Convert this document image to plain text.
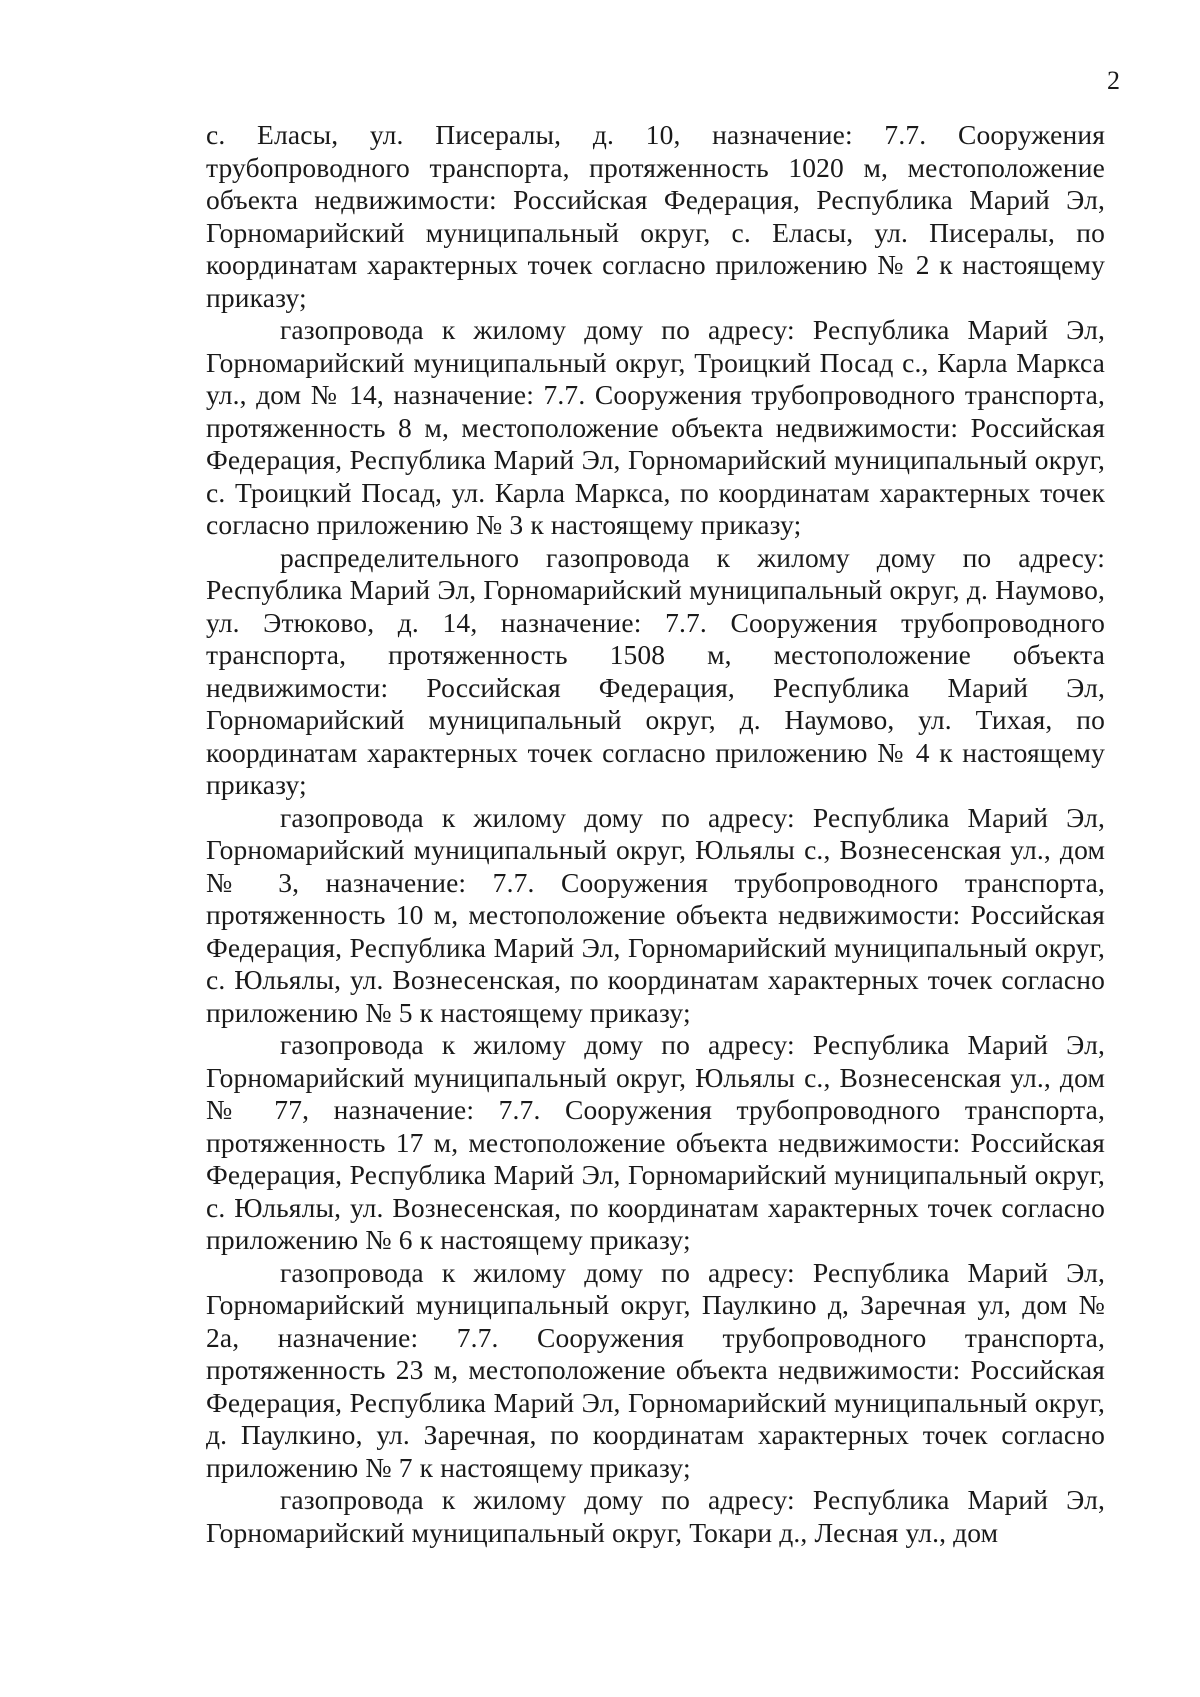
2

с. Еласы, ул. Писералы, д. 10, назначение: 7.7. Сооружения трубопроводного транспорта, протяженность 1020 м, местоположение объекта недвижимости: Российская Федерация, Республика Марий Эл, Горномарийский муниципальный округ, с. Еласы, ул. Писералы, по координатам характерных точек согласно приложению № 2 к настоящему приказу;

газопровода к жилому дому по адресу: Республика Марий Эл, Горномарийский муниципальный округ, Троицкий Посад с., Карла Маркса ул., дом № 14, назначение: 7.7. Сооружения трубопроводного транспорта, протяженность 8 м, местоположение объекта недвижимости: Российская Федерация, Республика Марий Эл, Горномарийский муниципальный округ, с. Троицкий Посад, ул. Карла Маркса, по координатам характерных точек согласно приложению № 3 к настоящему приказу;

распределительного газопровода к жилому дому по адресу: Республика Марий Эл, Горномарийский муниципальный округ, д. Наумово, ул. Этюково, д. 14, назначение: 7.7. Сооружения трубопроводного транспорта, протяженность 1508 м, местоположение объекта недвижимости: Российская Федерация, Республика Марий Эл, Горномарийский муниципальный округ, д. Наумово, ул. Тихая, по координатам характерных точек согласно приложению № 4 к настоящему приказу;

газопровода к жилому дому по адресу: Республика Марий Эл, Горномарийский муниципальный округ, Юльялы с., Вознесенская ул., дом № 3, назначение: 7.7. Сооружения трубопроводного транспорта, протяженность 10 м, местоположение объекта недвижимости: Российская Федерация, Республика Марий Эл, Горномарийский муниципальный округ, с. Юльялы, ул. Вознесенская, по координатам характерных точек согласно приложению № 5 к настоящему приказу;

газопровода к жилому дому по адресу: Республика Марий Эл, Горномарийский муниципальный округ, Юльялы с., Вознесенская ул., дом № 77, назначение: 7.7. Сооружения трубопроводного транспорта, протяженность 17 м, местоположение объекта недвижимости: Российская Федерация, Республика Марий Эл, Горномарийский муниципальный округ, с. Юльялы, ул. Вознесенская, по координатам характерных точек согласно приложению № 6 к настоящему приказу;

газопровода к жилому дому по адресу: Республика Марий Эл, Горномарийский муниципальный округ, Паулкино д, Заречная ул, дом № 2а, назначение: 7.7. Сооружения трубопроводного транспорта, протяженность 23 м, местоположение объекта недвижимости: Российская Федерация, Республика Марий Эл, Горномарийский муниципальный округ, д. Паулкино, ул. Заречная, по координатам характерных точек согласно приложению № 7 к настоящему приказу;

газопровода к жилому дому по адресу: Республика Марий Эл, Горномарийский муниципальный округ, Токари д., Лесная ул., дом
